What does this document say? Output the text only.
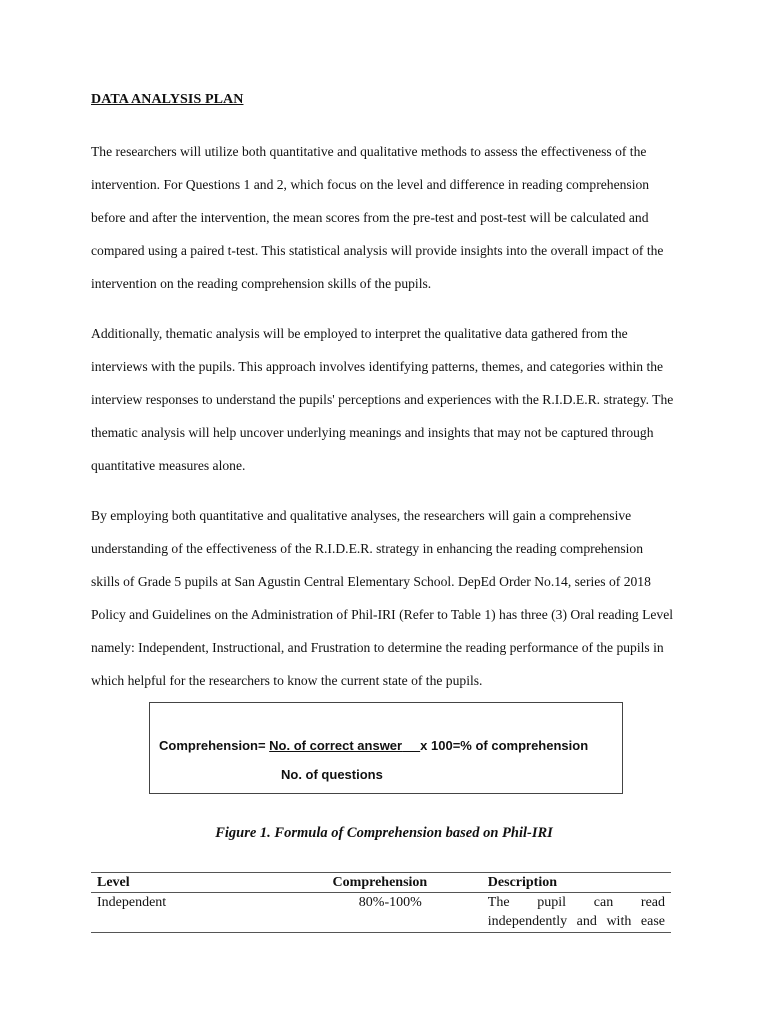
DATA ANALYSIS PLAN

The researchers will utilize both quantitative and qualitative methods to assess the effectiveness of the intervention. For Questions 1 and 2, which focus on the level and difference in reading comprehension before and after the intervention, the mean scores from the pre-test and post-test will be calculated and compared using a paired t-test. This statistical analysis will provide insights into the overall impact of the intervention on the reading comprehension skills of the pupils.

Additionally, thematic analysis will be employed to interpret the qualitative data gathered from the interviews with the pupils. This approach involves identifying patterns, themes, and categories within the interview responses to understand the pupils' perceptions and experiences with the R.I.D.E.R. strategy. The thematic analysis will help uncover underlying meanings and insights that may not be captured through quantitative measures alone.

By employing both quantitative and qualitative analyses, the researchers will gain a comprehensive understanding of the effectiveness of the R.I.D.E.R. strategy in enhancing the reading comprehension skills of Grade 5 pupils at San Agustin Central Elementary School. DepEd Order No.14, series of 2018 Policy and Guidelines on the Administration of Phil-IRI (Refer to Table 1) has three (3) Oral reading Level namely: Independent, Instructional, and Frustration to determine the reading performance of the pupils in which helpful for the researchers to know the current state of the pupils.

Comprehension= No. of correct answer x 100=% of comprehension
No. of questions
Figure 1. Formula of Comprehension based on Phil-IRI
Level	Comprehension	Description
Independent	80%-100%	The pupil can read
independently and with ease
